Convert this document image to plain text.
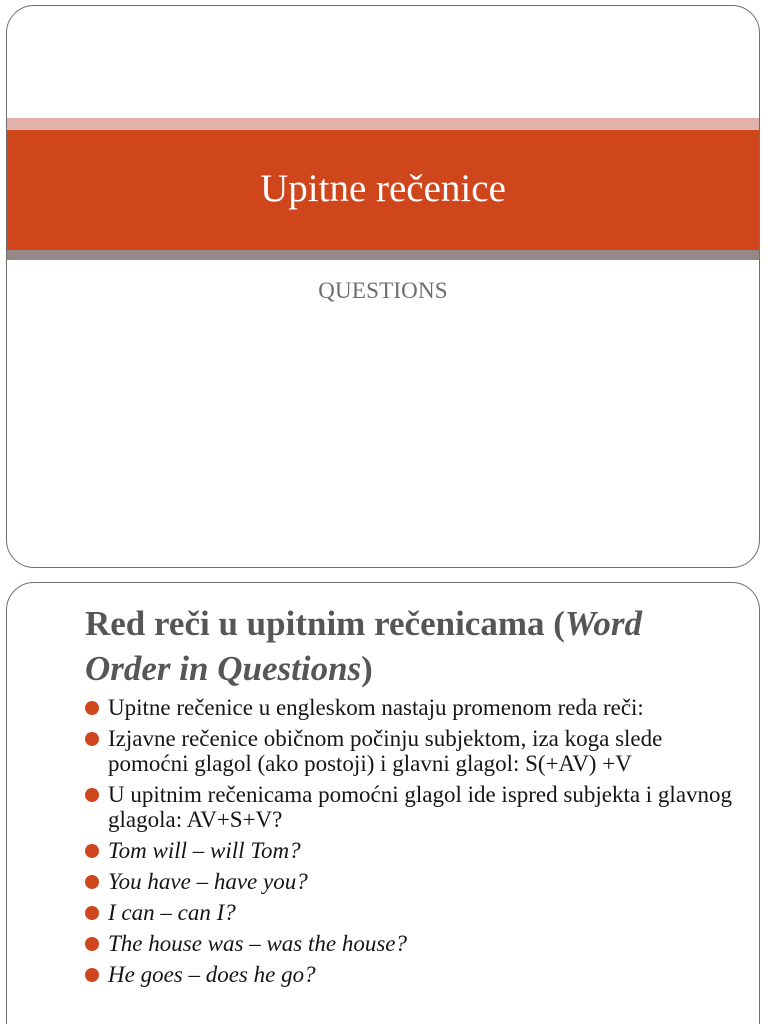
Upitne rečenice

QUESTIONS

Red reči u upitnim rečenicama (Word Order in Questions)
Upitne rečenice u engleskom nastaju promenom reda reči:
Izjavne rečenice običnom počinju subjektom, iza koga slede pomoćni glagol (ako postoji) i glavni glagol: S(+AV) +V
U upitnim rečenicama pomoćni glagol ide ispred subjekta i glavnog glagola: AV+S+V?
Tom will – will Tom?
You have – have you?
I can – can I?
The house was – was the house?
He goes – does he go?
